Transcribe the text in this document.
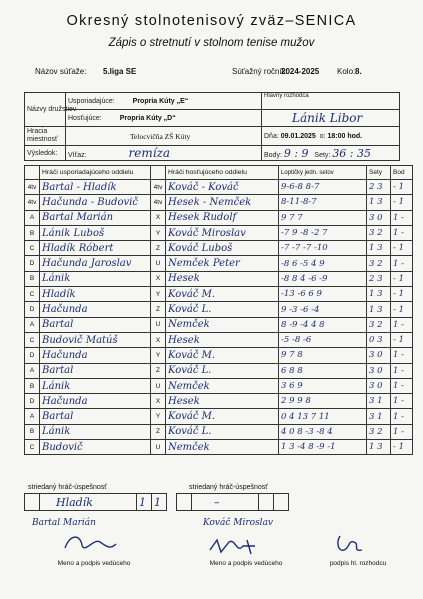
Okresný stolnotenisový zväz–SENICA
Zápis o stretnutí v stolnom tenise mužov
Názov súťaže: 5.liga SE	Súťažný ročník:
2024-2025 Kolo: 8.
Názvy družstiev	Usporiadajúce: Propria Kúty „E“	Hlavný rozhodca

	Hosťujúce: Propria Kúty „D“	Lánik Libor

Hracia miestnosť	Telocvičňa ZŠ Kúty	Dňa: 09.01.2025 o: 18:00 hod.
Výsledok:	Víťaz: remíza	Body: 9 : 9 Sety: 36 : 35
	Hráči usporiadajúceho oddielu		Hráči hosťujúceho oddielu	Loptičky jedn. setov	Sety	Bod
4tv	Bartal - Hladík	4tv	Kováč - Kováč	9-6-8 8-7	2 3	- 1
4tv	Hačunda - Budovič	4tv	Hesek - Nemček	8-11-8-7	1 3	- 1
A	Bartal Marián	X	Hesek Rudolf	9 7 7	3 0	1 -
B	Lánik Luboš	Y	Kováč Miroslav	-7 9 -8 -2 7	3 2	1 -
C	Hladík Róbert	Z	Kováč Luboš	-7 -7 -7 -10	1 3	- 1
D	Hačunda Jaroslav	U	Nemček Peter	-8 6 -5 4 9	3 2	1 -
B	Lánik	X	Hesek	-8 8 4 -6 -9	2 3	- 1
C	Hladík	Y	Kováč M.	-13 -6 6 9	1 3	- 1
D	Hačunda	Z	Kováč L.	9 -3 -6 -4	1 3	- 1
A	Bartal	U	Nemček	8 -9 -4 4 8	3 2	1 -
C	Budovič Matúš	X	Hesek	-5 -8 -6	0 3	- 1
D	Hačunda	Y	Kováč M.	9 7 8	3 0	1 -
A	Bartal	Z	Kováč L.	6 8 8	3 0	1 -
B	Lánik	U	Nemček	3 6 9	3 0	1 -
D	Hačunda	X	Hesek	2 9 9 8	3 1	1 -
A	Bartal	Y	Kováč M.	0 4 13 7 11	3 1	1 -
B	Lánik	Z	Kováč L.	4 0 8 -3 -8 4	3 2	1 -
C	Budovič	U	Nemček	1 3 -4 8 -9 -1	1 3	- 1
striedaný hráč-úspešnosť
	Hladík	1	1
striedaný hráč-úspešnosť
	–		
Bartal Marián
Meno a podpis vedúceho
Kováč Miroslav
Meno a podpis vedúceho	podpis hl. rozhodcu
